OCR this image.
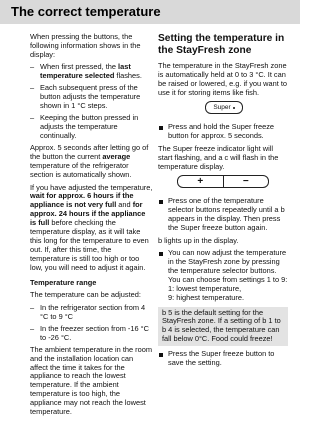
The correct temperature

When pressing the buttons, the following information shows in the display:

– When first pressed, the last temperature selected flashes.
– Each subsequent press of the button adjusts the temperature shown in 1 °C steps.
– Keeping the button pressed in adjusts the temperature continually.

Approx. 5 seconds after letting go of the button the current average temperature of the refrigerator section is automatically shown.

If you have adjusted the temperature, wait for approx. 6 hours if the appliance is not very full and for approx. 24 hours if the appliance is full before checking the temperature display, as it will take this long for the temperature to even out. If, after this time, the temperature is still too high or too low, you will need to adjust it again.

Temperature range

The temperature can be adjusted:

– In the refrigerator section from 4 °C to 9 °C
– In the freezer section from -16 °C to -26 °C.

The ambient temperature in the room and the installation location can affect the time it takes for the appliance to reach the lowest temperature. If the ambient temperature is too high, the appliance may not reach the lowest temperature.

Setting the temperature in the StayFresh zone

The temperature in the StayFresh zone is automatically held at 0 to 3 °C. It can be raised or lowered, e.g. if you want to use it for storing items like fish.

Super
Press and hold the Super freeze button for approx. 5 seconds.

The Super freeze indicator light will start flashing, and a c will flash in the temperature display.

+	−
Press one of the temperature selector buttons repeatedly until a b appears in the display. Then press the Super freeze button again.

b lights up in the display.

You can now adjust the temperature in the StayFresh zone by pressing the temperature selector buttons. You can choose from settings 1 to 9:
1: lowest temperature,
9: highest temperature.
b 5 is the default setting for the StayFresh zone. If a setting of b 1 to b 4 is selected, the temperature can fall below 0°C. Food could freeze!
Press the Super freeze button to save the setting.
